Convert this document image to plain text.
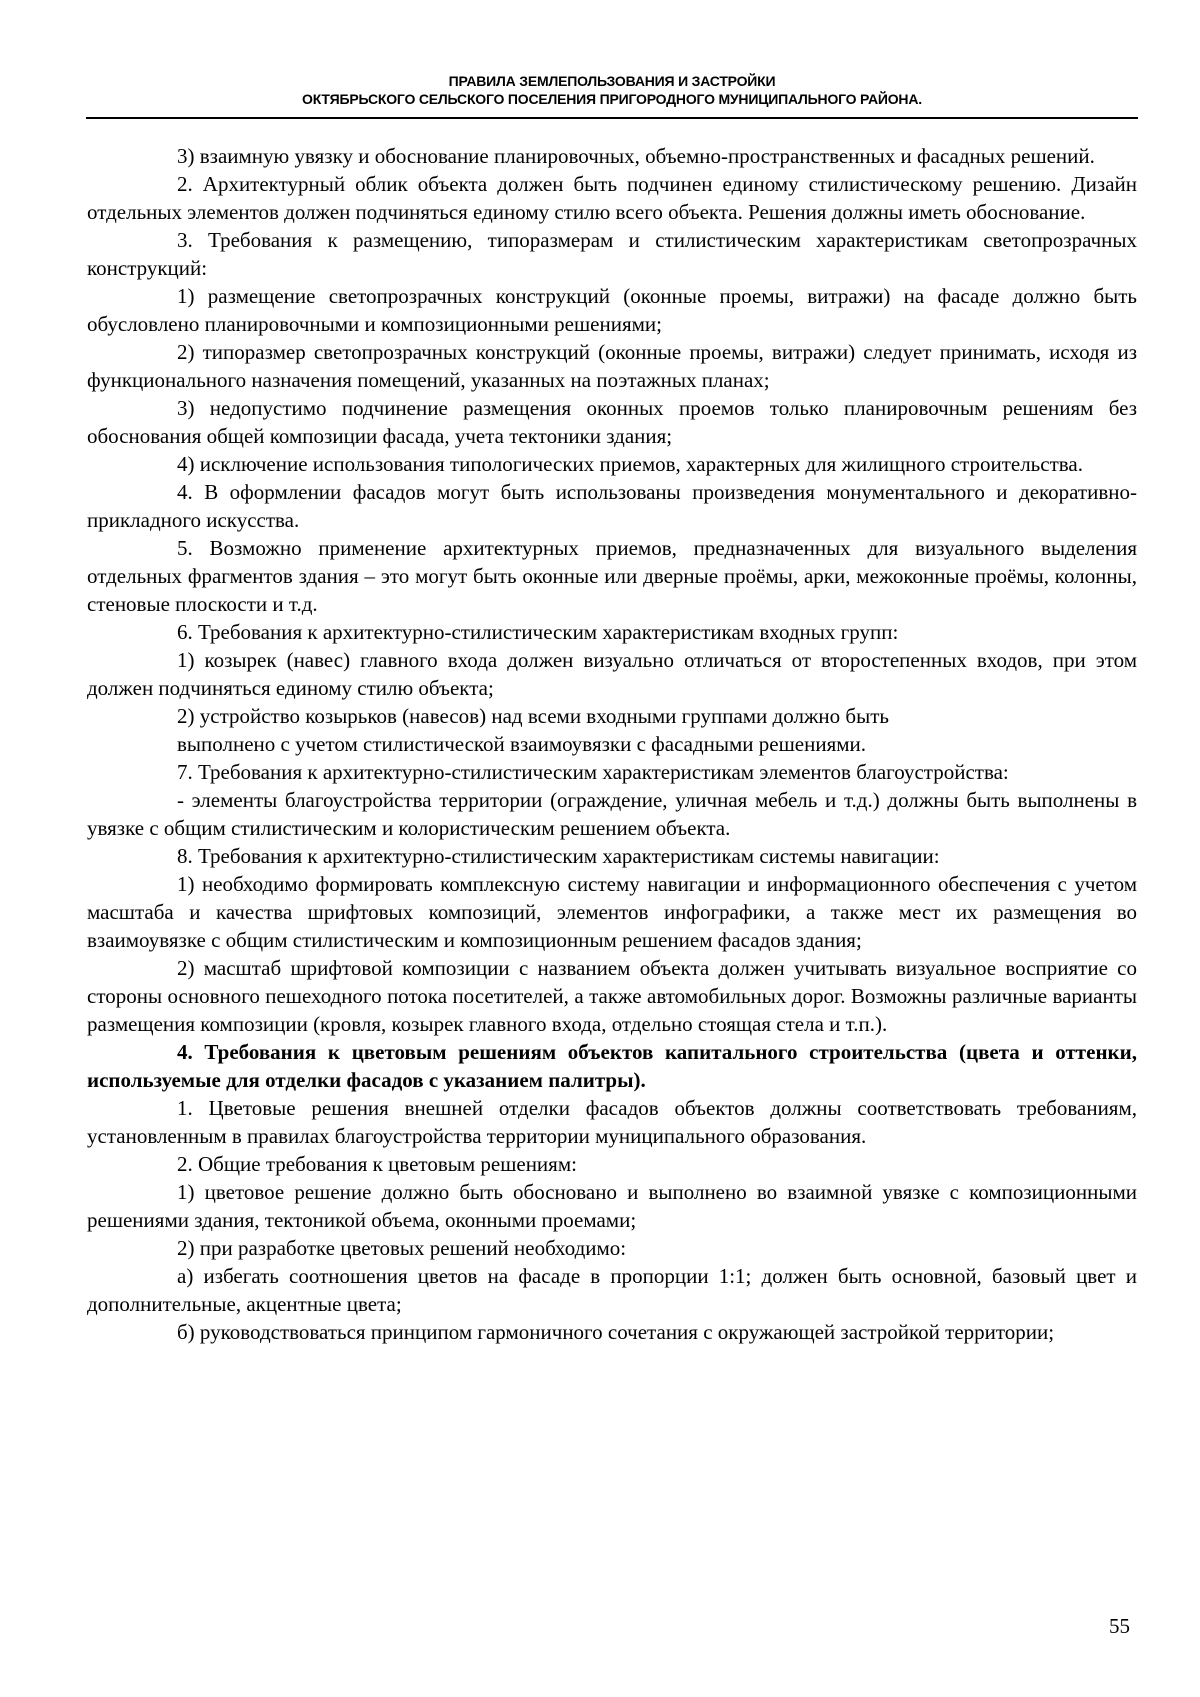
ПРАВИЛА ЗЕМЛЕПОЛЬЗОВАНИЯ И ЗАСТРОЙКИ
ОКТЯБРЬСКОГО СЕЛЬСКОГО ПОСЕЛЕНИЯ ПРИГОРОДНОГО МУНИЦИПАЛЬНОГО РАЙОНА.

3) взаимную увязку и обоснование планировочных, объемно-пространственных и фасадных решений.

2. Архитектурный облик объекта должен быть подчинен единому стилистическому решению. Дизайн отдельных элементов должен подчиняться единому стилю всего объекта. Решения должны иметь обоснование.

3. Требования к размещению, типоразмерам и стилистическим характеристикам светопрозрачных конструкций:

1) размещение светопрозрачных конструкций (оконные проемы, витражи) на фасаде должно быть обусловлено планировочными и композиционными решениями;

2) типоразмер светопрозрачных конструкций (оконные проемы, витражи) следует принимать, исходя из функционального назначения помещений, указанных на поэтажных планах;

3) недопустимо подчинение размещения оконных проемов только планировочным решениям без обоснования общей композиции фасада, учета тектоники здания;

4) исключение использования типологических приемов, характерных для жилищного строительства.

4. В оформлении фасадов могут быть использованы произведения монументального и декоративно-прикладного искусства.

5. Возможно применение архитектурных приемов, предназначенных для визуального выделения отдельных фрагментов здания – это могут быть оконные или дверные проёмы, арки, межоконные проёмы, колонны, стеновые плоскости и т.д.

6. Требования к архитектурно-стилистическим характеристикам входных групп:

1) козырек (навес) главного входа должен визуально отличаться от второстепенных входов, при этом должен подчиняться единому стилю объекта;

2) устройство козырьков (навесов) над всеми входными группами должно быть

выполнено с учетом стилистической взаимоувязки с фасадными решениями.

7. Требования к архитектурно-стилистическим характеристикам элементов благоустройства:

- элементы благоустройства территории (ограждение, уличная мебель и т.д.) должны быть выполнены в увязке с общим стилистическим и колористическим решением объекта.

8. Требования к архитектурно-стилистическим характеристикам системы навигации:

1) необходимо формировать комплексную систему навигации и информационного обеспечения с учетом масштаба и качества шрифтовых композиций, элементов инфографики, а также мест их размещения во взаимоувязке с общим стилистическим и композиционным решением фасадов здания;

2) масштаб шрифтовой композиции с названием объекта должен учитывать визуальное восприятие со стороны основного пешеходного потока посетителей, а также автомобильных дорог. Возможны различные варианты размещения композиции (кровля, козырек главного входа, отдельно стоящая стела и т.п.).

4. Требования к цветовым решениям объектов капитального строительства (цвета и оттенки, используемые для отделки фасадов с указанием палитры).

1. Цветовые решения внешней отделки фасадов объектов должны соответствовать требованиям, установленным в правилах благоустройства территории муниципального образования.

2. Общие требования к цветовым решениям:

1) цветовое решение должно быть обосновано и выполнено во взаимной увязке с композиционными решениями здания, тектоникой объема, оконными проемами;

2) при разработке цветовых решений необходимо:

а) избегать соотношения цветов на фасаде в пропорции 1:1; должен быть основной, базовый цвет и дополнительные, акцентные цвета;

б) руководствоваться принципом гармоничного сочетания с окружающей застройкой территории;

55
